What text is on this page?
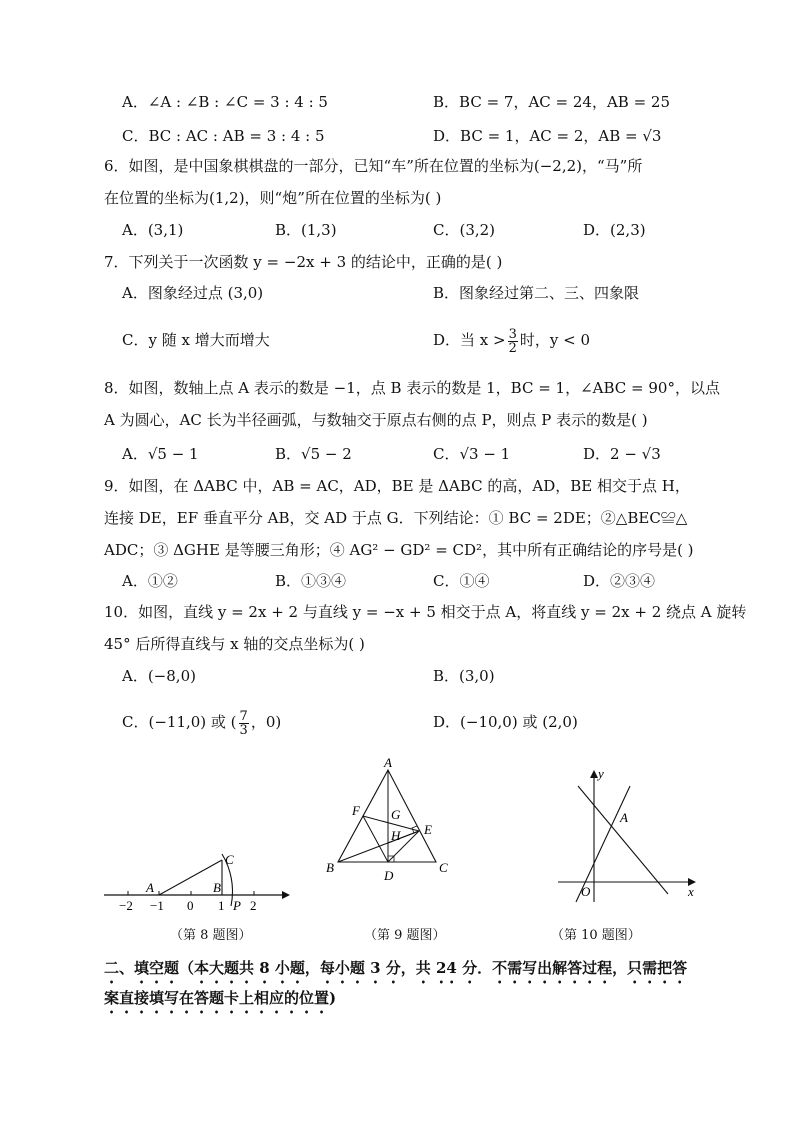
A．∠A : ∠B : ∠C = 3 : 4 : 5	B．BC = 7，AC = 24，AB = 25
C．BC : AC : AB = 3 : 4 : 5	D．BC = 1，AC = 2，AB = √3
6．如图，是中国象棋棋盘的一部分，已知“车”所在位置的坐标为(−2,2)，“马”所
在位置的坐标为(1,2)，则“炮”所在位置的坐标为( )
A．(3,1)	B．(1,3)	C．(3,2)	D．(2,3)
7．下列关于一次函数 y = −2x + 3 的结论中，正确的是( )
A．图象经过点 (3,0)	B．图象经过第二、三、四象限
C．y 随 x 增大而增大	D．当 $x > \frac{3}{2}$ 时，y < 0
8．如图，数轴上点 A 表示的数是 −1，点 B 表示的数是 1，BC = 1，∠ABC = 90°，以点
A 为圆心，AC 长为半径画弧，与数轴交于原点右侧的点 P，则点 P 表示的数是( )
A．√5 − 1	B．√5 − 2	C．√3 − 1	D．2 − √3
9．如图，在 ΔABC 中，AB = AC，AD，BE 是 ΔABC 的高，AD，BE 相交于点 H，
连接 DE，EF 垂直平分 AB，交 AD 于点 G．下列结论：① BC = 2DE；②△BEC≌△
ADC；③ ΔGHE 是等腰三角形；④ AG² − GD² = CD²，其中所有正确结论的序号是( )
A．①②	B．①③④	C．①④	D．②③④
10．如图，直线 y = 2x + 2 与直线 y = −x + 5 相交于点 A，将直线 y = 2x + 2 绕点 A 旋转
45° 后所得直线与 x 轴的交点坐标为( )
A．(−8,0)	B．(3,0)
C．(−11,0) 或 ( $\frac{7}{3}$ ，0)	D．(−10,0) 或 (2,0)
−2 −1 0 1 2
A	B
C
P
（第 8 题图）
A
B	C
D
E
F G
H
（第 9 题图）
y
x
O
A
（第 10 题图）
二、填空题（本大题共 8 小题，每小题 3 分，共 24 分．不需写出解答过程，只需把答
案直接填写在答题卡上相应的位置)
